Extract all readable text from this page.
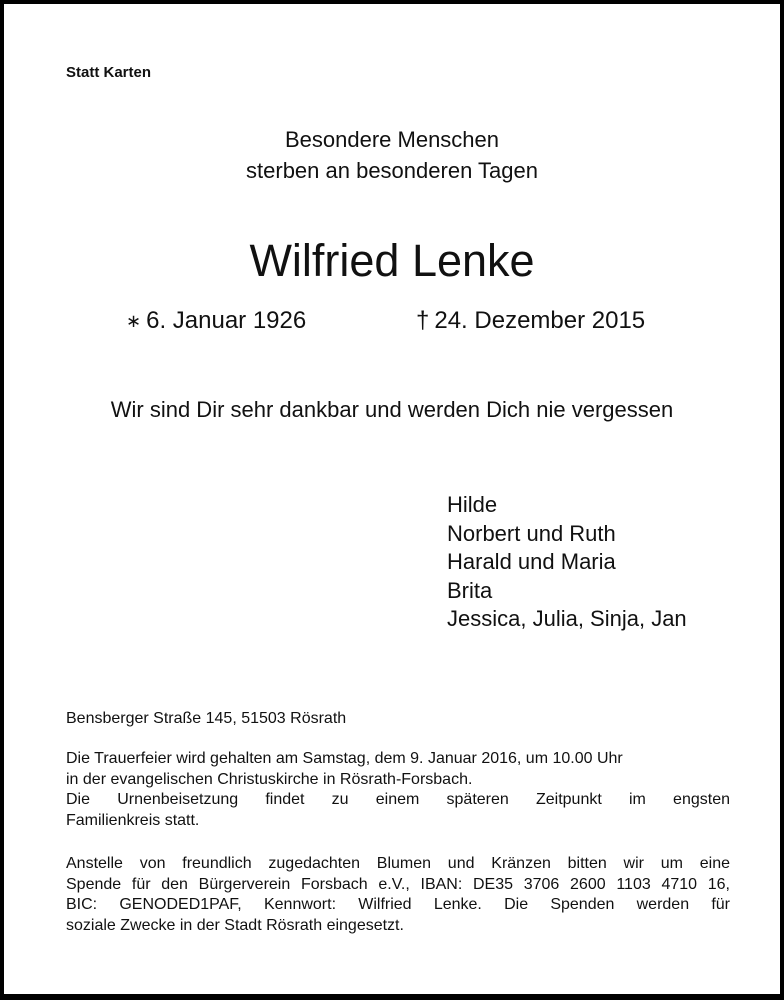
Statt Karten
Besondere Menschen
sterben an besonderen Tagen
Wilfried Lenke
∗ 6. Januar 1926	† 24. Dezember 2015
Wir sind Dir sehr dankbar und werden Dich nie vergessen
Hilde
Norbert und Ruth
Harald und Maria
Brita
Jessica, Julia, Sinja, Jan
Bensberger Straße 145, 51503 Rösrath
Die Trauerfeier wird gehalten am Samstag, dem 9. Januar 2016, um 10.00 Uhr
in der evangelischen Christuskirche in Rösrath-Forsbach.
Die Urnenbeisetzung findet zu einem späteren Zeitpunkt im engsten
Familienkreis statt.
Anstelle von freundlich zugedachten Blumen und Kränzen bitten wir um eine
Spende für den Bürgerverein Forsbach e.V., IBAN: DE35 3706 2600 1103 4710 16,
BIC: GENODED1PAF, Kennwort: Wilfried Lenke. Die Spenden werden für
soziale Zwecke in der Stadt Rösrath eingesetzt.
